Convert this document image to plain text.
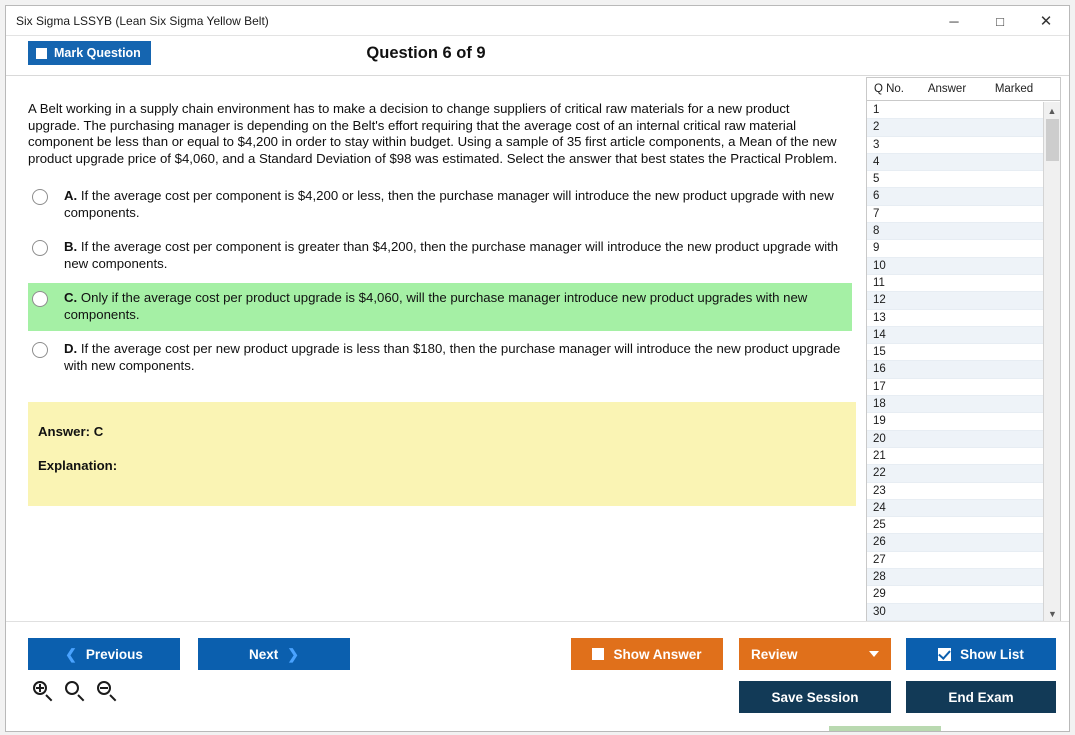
Six Sigma LSSYB (Lean Six Sigma Yellow Belt)	─	□	✕
Mark Question	Question 6 of 9

A Belt working in a supply chain environment has to make a decision to change suppliers of critical raw materials for a new product upgrade. The purchasing manager is depending on the Belt's effort requiring that the average cost of an internal critical raw material component be less than or equal to $4,200 in order to stay within budget. Using a sample of 35 first article components, a Mean of the new product upgrade price of $4,060, and a Standard Deviation of $98 was estimated. Select the answer that best states the Practical Problem.

A. If the average cost per component is $4,200 or less, then the purchase manager will introduce the new product upgrade with new components.
B. If the average cost per component is greater than $4,200, then the purchase manager will introduce the new product upgrade with new components.
C. Only if the average cost per product upgrade is $4,060, will the purchase manager introduce new product upgrades with new components.
D. If the average cost per new product upgrade is less than $180, then the purchase manager will introduce the new product upgrade with new components.
Answer: C
Explanation:
Q No.	Answer	Marked
1
2
3
4
5
6
7
8
9
10
11
12
13
14
15
16
17
18
19
20
21
22
23
24
25
26
27
28
29
30
▲
▼
❮ Previous	Next ❯	Show Answer	Review	Show List
Save Session	End Exam
